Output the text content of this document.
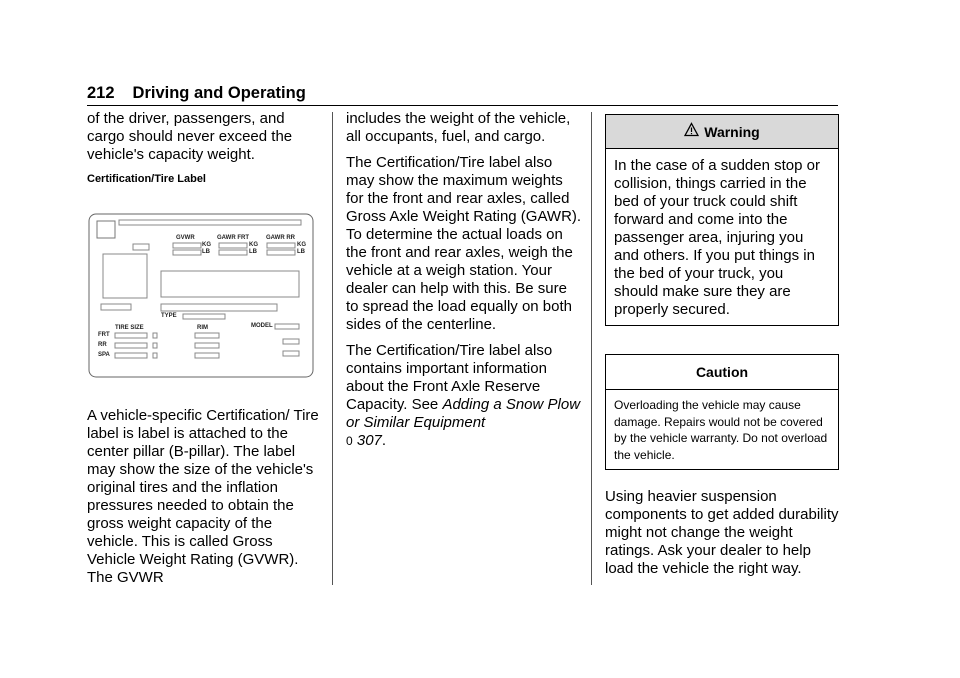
212 Driving and Operating

of the driver, passengers, and cargo should never exceed the vehicle's capacity weight.

Certification/Tire Label
GVWR	GAWR FRT	GAWR RR
KG
LB
KG
LB
KG
LB
TYPE
TIRE SIZE	RIM	MODEL
FRT
RR
SPA

A vehicle-specific Certification/ Tire label is label is attached to the center pillar (B-pillar). The label may show the size of the vehicle's original tires and the inflation pressures needed to obtain the gross weight capacity of the vehicle. This is called Gross Vehicle Weight Rating (GVWR). The GVWR

includes the weight of the vehicle, all occupants, fuel, and cargo.

The Certification/Tire label also may show the maximum weights for the front and rear axles, called Gross Axle Weight Rating (GAWR). To determine the actual loads on the front and rear axles, weigh the vehicle at a weigh station. Your dealer can help with this. Be sure to spread the load equally on both sides of the centerline.

The Certification/Tire label also contains important information about the Front Axle Reserve Capacity. See Adding a Snow Plow or Similar Equipment
0 307.

Warning
In the case of a sudden stop or collision, things carried in the bed of your truck could shift forward and come into the passenger area, injuring you and others. If you put things in the bed of your truck, you should make sure they are properly secured.
Caution
Overloading the vehicle may cause damage. Repairs would not be covered by the vehicle warranty. Do not overload the vehicle.

Using heavier suspension components to get added durability might not change the weight ratings. Ask your dealer to help load the vehicle the right way.
